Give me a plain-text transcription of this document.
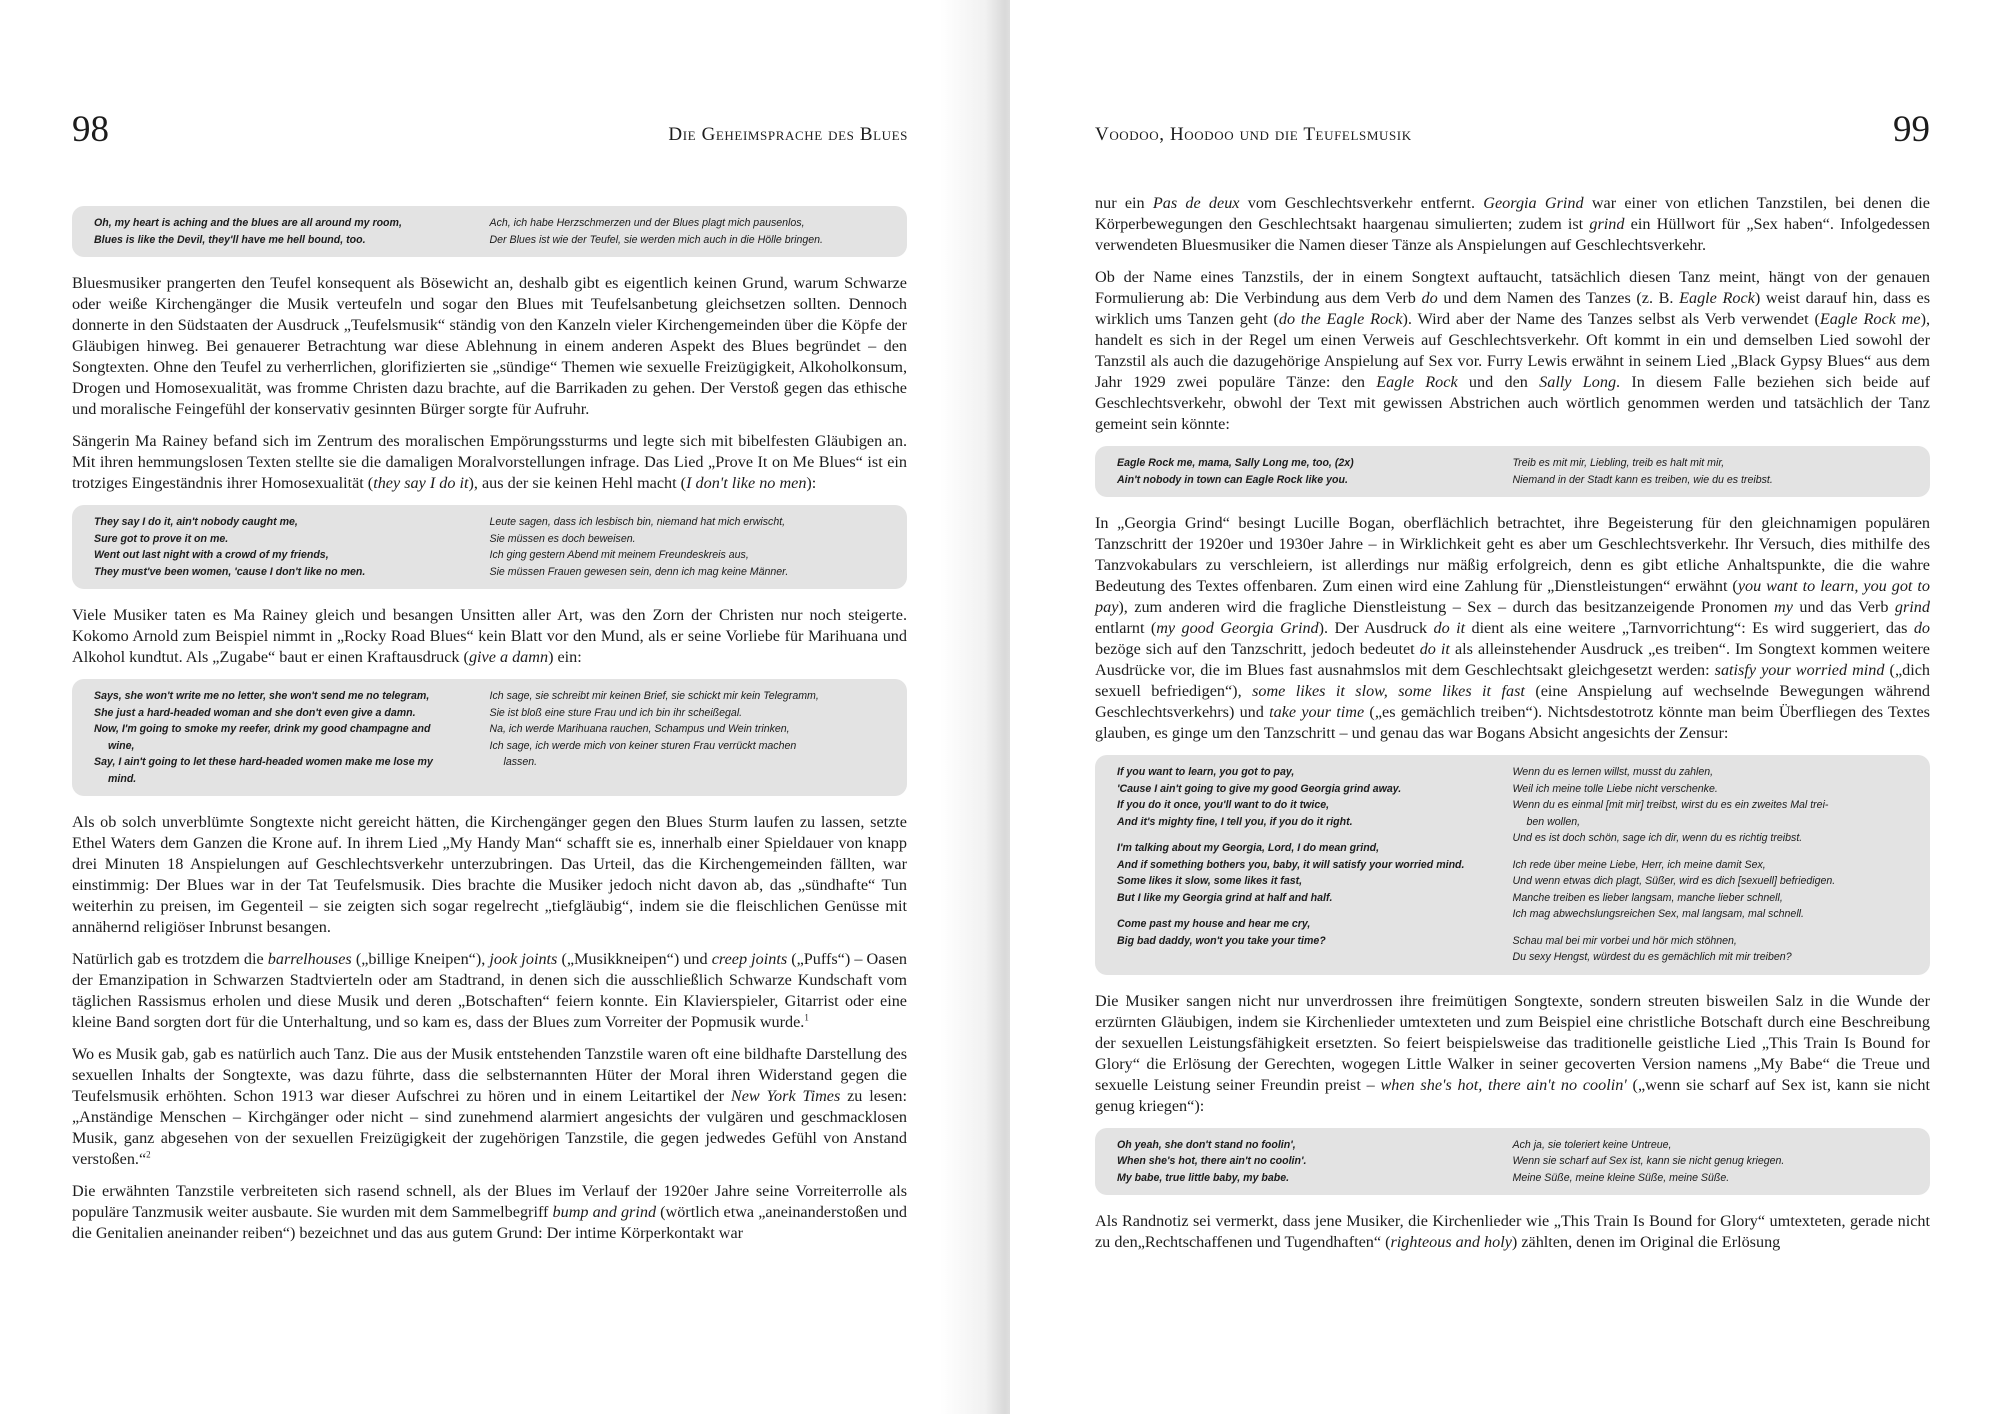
98	Die Geheimsprache des Blues
Oh, my heart is aching and the blues are all around my room,
Blues is like the Devil, they'll have me hell bound, too.
Ach, ich habe Herzschmerzen und der Blues plagt mich pausenlos,
Der Blues ist wie der Teufel, sie werden mich auch in die Hölle bringen.

Bluesmusiker prangerten den Teufel konsequent als Bösewicht an, deshalb gibt es eigentlich keinen Grund, warum Schwarze oder weiße Kirchengänger die Musik verteufeln und sogar den Blues mit Teufelsanbetung gleichsetzen sollten. Dennoch donnerte in den Südstaaten der Ausdruck „Teufelsmusik“ ständig von den Kanzeln vieler Kirchengemeinden über die Köpfe der Gläubigen hinweg. Bei genauerer Betrachtung war diese Ablehnung in einem anderen Aspekt des Blues begründet – den Songtexten. Ohne den Teufel zu verherrlichen, glorifizierten sie „sündige“ Themen wie sexuelle Freizügigkeit, Alkoholkonsum, Drogen und Homosexualität, was fromme Christen dazu brachte, auf die Barrikaden zu gehen. Der Verstoß gegen das ethische und moralische Feingefühl der konservativ gesinnten Bürger sorgte für Aufruhr.

Sängerin Ma Rainey befand sich im Zentrum des moralischen Empörungssturms und legte sich mit bibelfesten Gläubigen an. Mit ihren hemmungslosen Texten stellte sie die damaligen Moralvorstellungen infrage. Das Lied „Prove It on Me Blues“ ist ein trotziges Eingeständnis ihrer Homosexualität (they say I do it), aus der sie keinen Hehl macht (I don't like no men):

They say I do it, ain't nobody caught me,
Sure got to prove it on me.
Went out last night with a crowd of my friends,
They must've been women, 'cause I don't like no men.
Leute sagen, dass ich lesbisch bin, niemand hat mich erwischt,
Sie müssen es doch beweisen.
Ich ging gestern Abend mit meinem Freundeskreis aus,
Sie müssen Frauen gewesen sein, denn ich mag keine Männer.

Viele Musiker taten es Ma Rainey gleich und besangen Unsitten aller Art, was den Zorn der Christen nur noch steigerte. Kokomo Arnold zum Beispiel nimmt in „Rocky Road Blues“ kein Blatt vor den Mund, als er seine Vorliebe für Marihuana und Alkohol kundtut. Als „Zugabe“ baut er einen Kraftausdruck (give a damn) ein:

Says, she won't write me no letter, she won't send me no telegram,
She just a hard-headed woman and she don't even give a damn.
Now, I'm going to smoke my reefer, drink my good champagne and
wine,
Say, I ain't going to let these hard-headed women make me lose my
mind.
Ich sage, sie schreibt mir keinen Brief, sie schickt mir kein Telegramm,
Sie ist bloß eine sture Frau und ich bin ihr scheißegal.
Na, ich werde Marihuana rauchen, Schampus und Wein trinken,
Ich sage, ich werde mich von keiner sturen Frau verrückt machen
lassen.

Als ob solch unverblümte Songtexte nicht gereicht hätten, die Kirchengänger gegen den Blues Sturm laufen zu lassen, setzte Ethel Waters dem Ganzen die Krone auf. In ihrem Lied „My Handy Man“ schafft sie es, innerhalb einer Spieldauer von knapp drei Minuten 18 Anspielungen auf Geschlechtsverkehr unterzubringen. Das Urteil, das die Kirchengemeinden fällten, war einstimmig: Der Blues war in der Tat Teufelsmusik. Dies brachte die Musiker jedoch nicht davon ab, das „sündhafte“ Tun weiterhin zu preisen, im Gegenteil – sie zeigten sich sogar regelrecht „tiefgläubig“, indem sie die fleischlichen Genüsse mit annähernd religiöser Inbrunst besangen.

Natürlich gab es trotzdem die barrelhouses („billige Kneipen“), jook joints („Musikkneipen“) und creep joints („Puffs“) – Oasen der Emanzipation in Schwarzen Stadtvierteln oder am Stadtrand, in denen sich die ausschließlich Schwarze Kundschaft vom täglichen Rassismus erholen und diese Musik und deren „Botschaften“ feiern konnte. Ein Klavierspieler, Gitarrist oder eine kleine Band sorgten dort für die Unterhaltung, und so kam es, dass der Blues zum Vorreiter der Popmusik wurde.$^1$

Wo es Musik gab, gab es natürlich auch Tanz. Die aus der Musik entstehenden Tanzstile waren oft eine bildhafte Darstellung des sexuellen Inhalts der Songtexte, was dazu führte, dass die selbsternannten Hüter der Moral ihren Widerstand gegen die Teufelsmusik erhöhten. Schon 1913 war dieser Aufschrei zu hören und in einem Leitartikel der New York Times zu lesen: „Anständige Menschen – Kirchgänger oder nicht – sind zunehmend alarmiert angesichts der vulgären und geschmacklosen Musik, ganz abgesehen von der sexuellen Freizügigkeit der zugehörigen Tanzstile, die gegen jedwedes Gefühl von Anstand verstoßen.“$^2$

Die erwähnten Tanzstile verbreiteten sich rasend schnell, als der Blues im Verlauf der 1920er Jahre seine Vorreiterrolle als populäre Tanzmusik weiter ausbaute. Sie wurden mit dem Sammelbegriff bump and grind (wörtlich etwa „aneinanderstoßen und die Genitalien aneinander reiben“) bezeichnet und das aus gutem Grund: Der intime Körperkontakt war

Voodoo, Hoodoo und die Teufelsmusik	99

nur ein Pas de deux vom Geschlechtsverkehr entfernt. Georgia Grind war einer von etlichen Tanzstilen, bei denen die Körperbewegungen den Geschlechtsakt haargenau simulierten; zudem ist grind ein Hüllwort für „Sex haben“. Infolgedessen verwendeten Bluesmusiker die Namen dieser Tänze als Anspielungen auf Geschlechtsverkehr.

Ob der Name eines Tanzstils, der in einem Songtext auftaucht, tatsächlich diesen Tanz meint, hängt von der genauen Formulierung ab: Die Verbindung aus dem Verb do und dem Namen des Tanzes (z. B. Eagle Rock) weist darauf hin, dass es wirklich ums Tanzen geht (do the Eagle Rock). Wird aber der Name des Tanzes selbst als Verb verwendet (Eagle Rock me), handelt es sich in der Regel um einen Verweis auf Geschlechtsverkehr. Oft kommt in ein und demselben Lied sowohl der Tanzstil als auch die dazugehörige Anspielung auf Sex vor. Furry Lewis erwähnt in seinem Lied „Black Gypsy Blues“ aus dem Jahr 1929 zwei populäre Tänze: den Eagle Rock und den Sally Long. In diesem Falle beziehen sich beide auf Geschlechtsverkehr, obwohl der Text mit gewissen Abstrichen auch wörtlich genommen werden und tatsächlich der Tanz gemeint sein könnte:

Eagle Rock me, mama, Sally Long me, too, (2x)
Ain't nobody in town can Eagle Rock like you.
Treib es mit mir, Liebling, treib es halt mit mir,
Niemand in der Stadt kann es treiben, wie du es treibst.

In „Georgia Grind“ besingt Lucille Bogan, oberflächlich betrachtet, ihre Begeisterung für den gleichnamigen populären Tanzschritt der 1920er und 1930er Jahre – in Wirklichkeit geht es aber um Geschlechtsverkehr. Ihr Versuch, dies mithilfe des Tanzvokabulars zu verschleiern, ist allerdings nur mäßig erfolgreich, denn es gibt etliche Anhaltspunkte, die die wahre Bedeutung des Textes offenbaren. Zum einen wird eine Zahlung für „Dienstleistungen“ erwähnt (you want to learn, you got to pay), zum anderen wird die fragliche Dienstleistung – Sex – durch das besitzanzeigende Pronomen my und das Verb grind entlarnt (my good Georgia Grind). Der Ausdruck do it dient als eine weitere „Tarnvorrichtung“: Es wird suggeriert, das do bezöge sich auf den Tanzschritt, jedoch bedeutet do it als alleinstehender Ausdruck „es treiben“. Im Songtext kommen weitere Ausdrücke vor, die im Blues fast ausnahmslos mit dem Geschlechtsakt gleichgesetzt werden: satisfy your worried mind („dich sexuell befriedigen“), some likes it slow, some likes it fast (eine Anspielung auf wechselnde Bewegungen während Geschlechtsverkehrs) und take your time („es gemächlich treiben“). Nichtsdestotrotz könnte man beim Überfliegen des Textes glauben, es ginge um den Tanzschritt – und genau das war Bogans Absicht angesichts der Zensur:

If you want to learn, you got to pay,
'Cause I ain't going to give my good Georgia grind away.
If you do it once, you'll want to do it twice,
And it's mighty fine, I tell you, if you do it right.
I'm talking about my Georgia, Lord, I do mean grind,
And if something bothers you, baby, it will satisfy your worried mind.
Some likes it slow, some likes it fast,
But I like my Georgia grind at half and half.
Come past my house and hear me cry,
Big bad daddy, won't you take your time?
Wenn du es lernen willst, musst du zahlen,
Weil ich meine tolle Liebe nicht verschenke.
Wenn du es einmal [mit mir] treibst, wirst du es ein zweites Mal trei-
ben wollen,
Und es ist doch schön, sage ich dir, wenn du es richtig treibst.
Ich rede über meine Liebe, Herr, ich meine damit Sex,
Und wenn etwas dich plagt, Süßer, wird es dich [sexuell] befriedigen.
Manche treiben es lieber langsam, manche lieber schnell,
Ich mag abwechslungsreichen Sex, mal langsam, mal schnell.
Schau mal bei mir vorbei und hör mich stöhnen,
Du sexy Hengst, würdest du es gemächlich mit mir treiben?

Die Musiker sangen nicht nur unverdrossen ihre freimütigen Songtexte, sondern streuten bisweilen Salz in die Wunde der erzürnten Gläubigen, indem sie Kirchenlieder umtexteten und zum Beispiel eine christliche Botschaft durch eine Beschreibung der sexuellen Leistungsfähigkeit ersetzten. So feiert beispielsweise das traditionelle geistliche Lied „This Train Is Bound for Glory“ die Erlösung der Gerechten, wogegen Little Walker in seiner gecoverten Version namens „My Babe“ die Treue und sexuelle Leistung seiner Freundin preist – when she's hot, there ain't no coolin' („wenn sie scharf auf Sex ist, kann sie nicht genug kriegen“):

Oh yeah, she don't stand no foolin',
When she's hot, there ain't no coolin'.
My babe, true little baby, my babe.
Ach ja, sie toleriert keine Untreue,
Wenn sie scharf auf Sex ist, kann sie nicht genug kriegen.
Meine Süße, meine kleine Süße, meine Süße.

Als Randnotiz sei vermerkt, dass jene Musiker, die Kirchenlieder wie „This Train Is Bound for Glory“ umtexteten, gerade nicht zu den„Rechtschaffenen und Tugendhaften“ (righteous and holy) zählten, denen im Original die Erlösung
